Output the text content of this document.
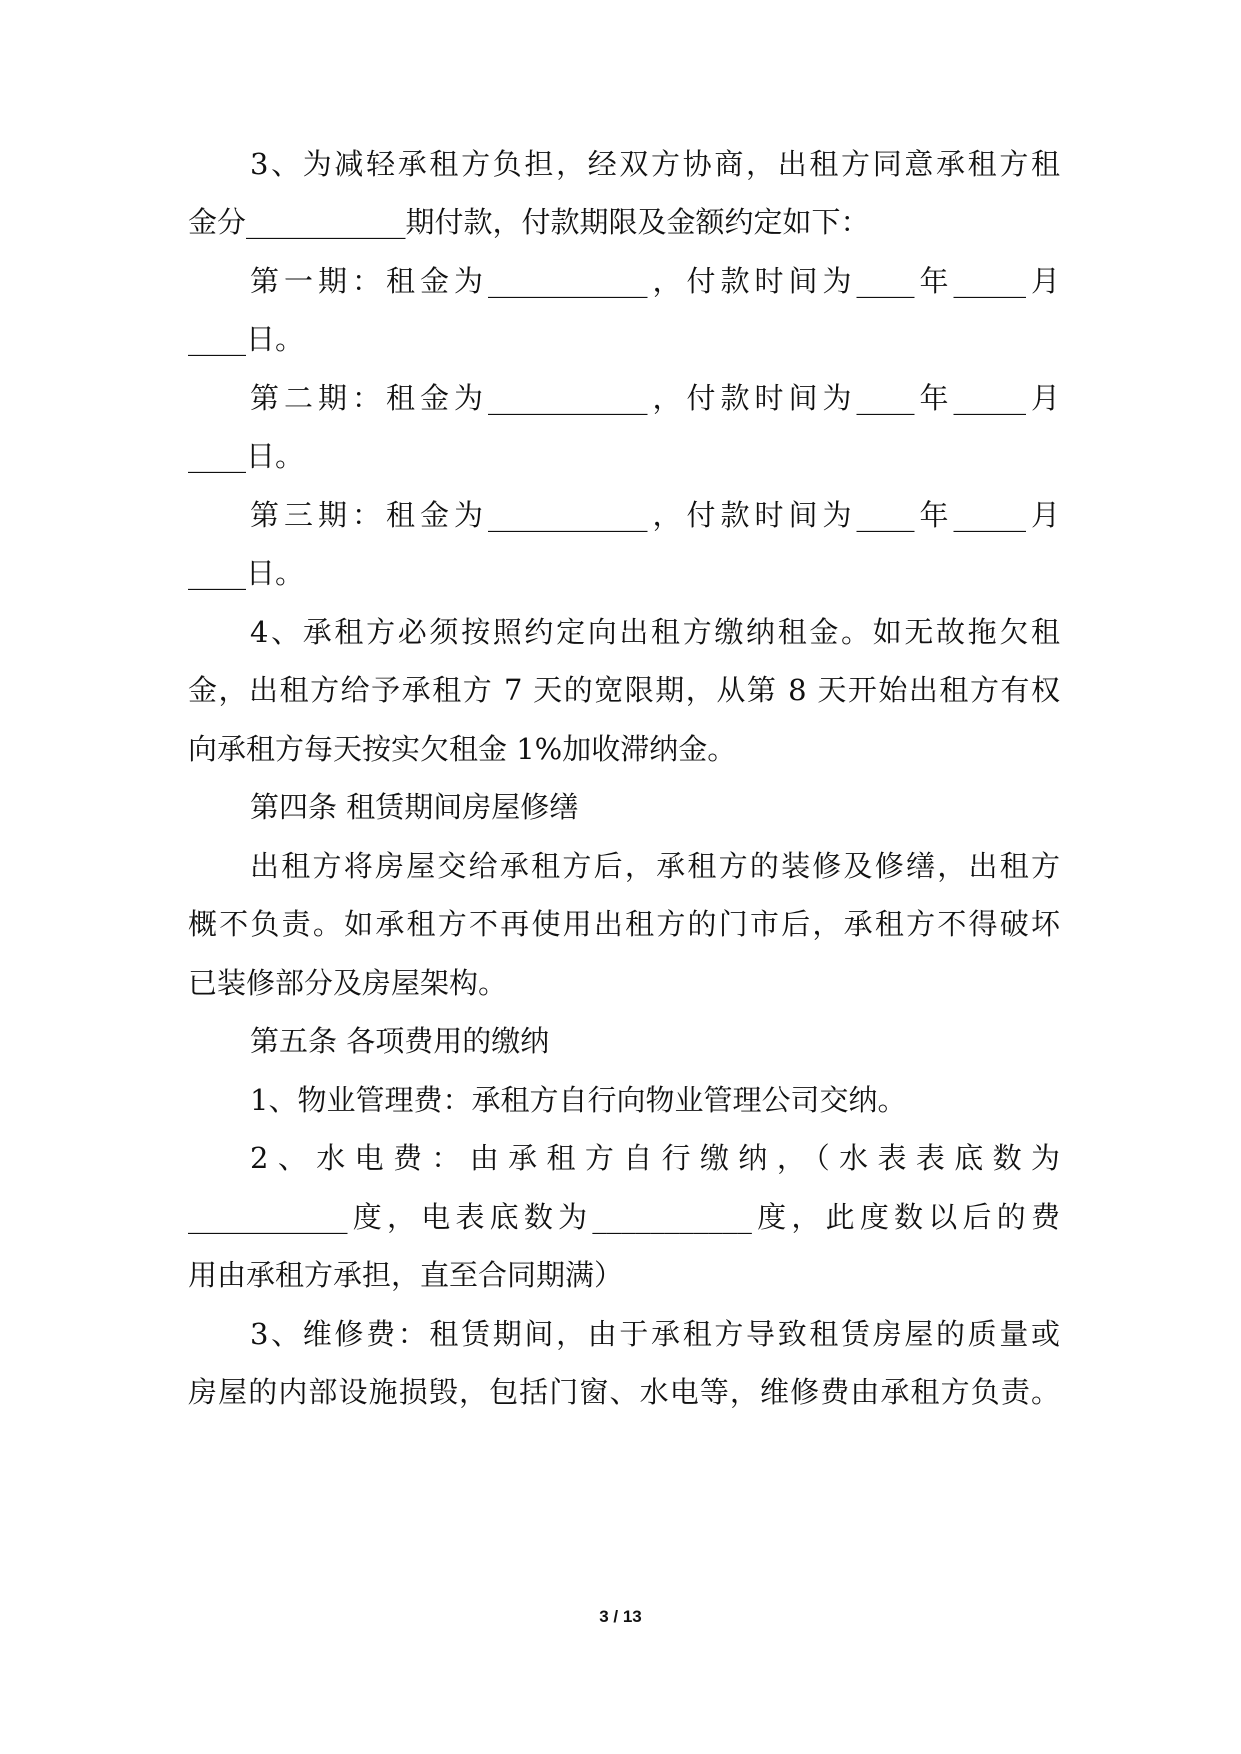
3、为减轻承租方负担，经双方协商，出租方同意承租方租
金分___________期付款，付款期限及金额约定如下：
第一期：租金为___________，付款时间为____年_____月
____日。
第二期：租金为___________，付款时间为____年_____月
____日。
第三期：租金为___________，付款时间为____年_____月
____日。
4、承租方必须按照约定向出租方缴纳租金。如无故拖欠租
金，出租方给予承租方 7 天的宽限期，从第 8 天开始出租方有权
向承租方每天按实欠租金 1%加收滞纳金。
第四条 租赁期间房屋修缮
出租方将房屋交给承租方后，承租方的装修及修缮，出租方
概不负责。如承租方不再使用出租方的门市后，承租方不得破坏
已装修部分及房屋架构。
第五条 各项费用的缴纳
1、物业管理费：承租方自行向物业管理公司交纳。
2、水电费：由承租方自行缴纳，（水表表底数为
___________度，电表底数为___________度，此度数以后的费
用由承租方承担，直至合同期满）
3、维修费：租赁期间，由于承租方导致租赁房屋的质量或
房屋的内部设施损毁，包括门窗、水电等，维修费由承租方负责。
3 / 13
